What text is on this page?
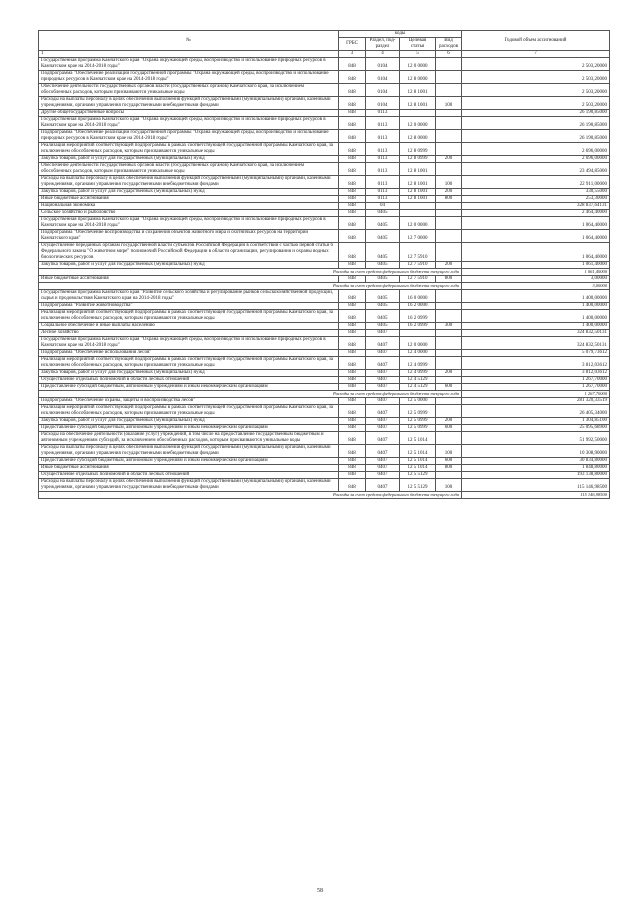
№	коды				Годовой объем ассигнований
	ГРБС	Раздел, под-раздел	Целевая статья	Вид расходов	
1	3	4	5	6	7
Государственная программа Камчатского края "Охрана окружающей среды, воспроизводство и использование природных ресурсов в Камчатском крае на 2014-2018 годы"	848	0104	12 0 0000		2 503,20000
Подпрограмма "Обеспечение реализации государственной программы "Охрана окружающей среды, воспроизводство и использование природных ресурсов в Камчатском крае на 2014-2018 годы"	848	0104	12 8 0000		2 503,20000
Обеспечение деятельности государственных органов власти (государственных органов) Камчатского края, за исключением обособленных расходов, которым присваиваются уникальные коды	848	0104	12 8 1001		2 503,20000
Расходы на выплаты персоналу в целях обеспечения выполнения функций государственными (муниципальными) органами, казенными учреждениями, органами управления государственными внебюджетными фондами	848	0104	12 8 1001	100	2 503,20000
Другие общегосударственные вопросы	848	0113			26 190,85000
Государственная программа Камчатского края "Охрана окружающей среды, воспроизводство и использование природных ресурсов в Камчатском крае на 2014-2018 годы"	848	0113	12 0 0000		26 190,85000
Подпрограмма "Обеспечение реализации государственной программы "Охрана окружающей среды, воспроизводство и использование природных ресурсов в Камчатском крае на 2014-2018 годы"	848	0113	12 8 0000		26 190,85000
Реализация мероприятий соответствующей подпрограммы в рамках соответствующей государственной программы Камчатского края, за исключением обособленных расходов, которым присваиваются уникальные коды	848	0113	12 8 0999		2 696,00000
Закупка товаров, работ и услуг для государственных (муниципальных) нужд	848	0113	12 8 0999	200	2 696,00000
Обеспечение деятельности государственных органов власти (государственных органов) Камчатского края, за исключением обособленных расходов, которым присваиваются уникальные коды	848	0113	12 8 1001		23 494,85000
Расходы на выплаты персоналу в целях обеспечения выполнения функций государственными (муниципальными) органами, казенными учреждениями, органами управления государственными внебюджетными фондами	848	0113	12 8 1001	100	22 911,00000
Закупка товаров, работ и услуг для государственных (муниципальных) нужд	848	0113	12 8 1001	200	330,55000
Иные бюджетные ассигнования	848	0113	12 8 1001	800	253,30000
Национальная экономика	848	04			328 837,64131
Сельское хозяйство и рыболовство	848	0405			2 464,40000
Государственная программа Камчатского края "Охрана окружающей среды, воспроизводство и использование природных ресурсов в Камчатском крае на 2014-2018 годы"	848	0405	12 0 0000		1 064,40000
Подпрограмма "Обеспечение воспроизводства и сохранения объектов животного мира и охотничьих ресурсов на территории Камчатского края"	848	0405	12 7 0000		1 064,40000
Осуществление переданных органам государственной власти субъектов Российской Федерации в соответствии с частью первой статьи 6 Федерального закона "О животном мире" полномочий Российской Федерации в области организации, регулирования и охраны водных биологических ресурсов	848	0405	12 7 5910		1 064,40000
Закупка товаров, работ и услуг для государственных (муниципальных) нужд	848	0405	12 7 5910	200	1 061,40000
Расходы за счет средств федерального бюджета текущего года					1 061,40000
Иные бюджетные ассигнования	848	0405	12 7 5910	800	3,00000
Расходы за счет средств федерального бюджета текущего года					3,00000
Государственная программа Камчатского края "Развитие сельского хозяйства и регулирование рынков сельскохозяйственной продукции, сырья и продовольствия Камчатского края на 2014-2018 годы"	848	0405	16 0 0000		1 400,00000
Подпрограмма "Развитие животноводства"	848	0405	16 2 0000		1 400,00000
Реализация мероприятий соответствующей подпрограммы в рамках соответствующей государственной программы Камчатского края, за исключением обособленных расходов, которым присваиваются уникальные коды	848	0405	16 2 0999		1 400,00000
Социальное обеспечение и иные выплаты населению	848	0405	16 2 0999	300	1 400,00000
Лесное хозяйство	848	0407			324 832,50131
Государственная программа Камчатского края "Охрана окружающей среды, воспроизводство и использование природных ресурсов в Камчатском крае на 2014-2018 годы"	848	0407	12 0 0000		324 832,50131
Подпрограмма "Обеспечение использования лесов"	848	0407	12 4 0000		5 079,73612
Реализация мероприятий соответствующей подпрограммы в рамках соответствующей государственной программы Камчатского края, за исключением обособленных расходов, которым присваиваются уникальные коды	848	0407	12 4 0999		3 812,03612
Закупка товаров, работ и услуг для государственных (муниципальных) нужд	848	0407	12 4 0999	200	3 812,03612
Осуществление отдельных полномочий в области лесных отношений	848	0407	12 4 5129		1 267,70000
Предоставление субсидий бюджетным, автономным учреждениям и иным некоммерческим организациям	848	0407	12 4 5129	600	1 267,70000
Расходы за счет средств федерального бюджета текущего года					1 267,70000
Подпрограмма "Обеспечение охраны, защиты и воспроизводства лесов"	848	0407	12 5 0000		281 320,33519
Реализация мероприятий соответствующей подпрограммы в рамках соответствующей государственной программы Камчатского края, за исключением обособленных расходов, которым присваиваются уникальные коды	848	0407	12 5 0999		26 405,34000
Закупка товаров, работ и услуг для государственных (муниципальных) нужд	848	0407	12 5 0999	200	1 304,85100
Предоставление субсидий бюджетным, автономным учреждениям и иным некоммерческим организациям	848	0407	12 5 0999	600	25 095,68900
Расходы на обеспечение деятельности (оказание услуг) учреждений, в том числе на предоставление государственным бюджетным и автономным учреждениям субсидий, за исключением обособленных расходов, которым присваиваются уникальные коды	848	0407	12 5 1014		51 992,50000
Расходы на выплаты персоналу в целях обеспечения выполнения функций государственными (муниципальными) органами, казенными учреждениями, органами управления государственными внебюджетными фондами	848	0407	12 5 1014	100	10 308,90000
Предоставление субсидий бюджетным, автономным учреждениям и иным некоммерческим организациям	848	0407	12 5 1014	600	30 834,80000
Иные бюджетные ассигнования	848	0407	12 5 1014	800	1 848,80000
Осуществление отдельных полномочий в области лесных отношений	848	0407	12 5 5129		193 138,80000
Расходы на выплаты персоналу в целях обеспечения выполнения функций государственными (муниципальными) органами, казенными учреждениями, органами управления государственными внебюджетными фондами	848	0407	12 5 5129	100	115 146,98500
Расходы за счет средств федерального бюджета текущего года					115 146,98500
58
